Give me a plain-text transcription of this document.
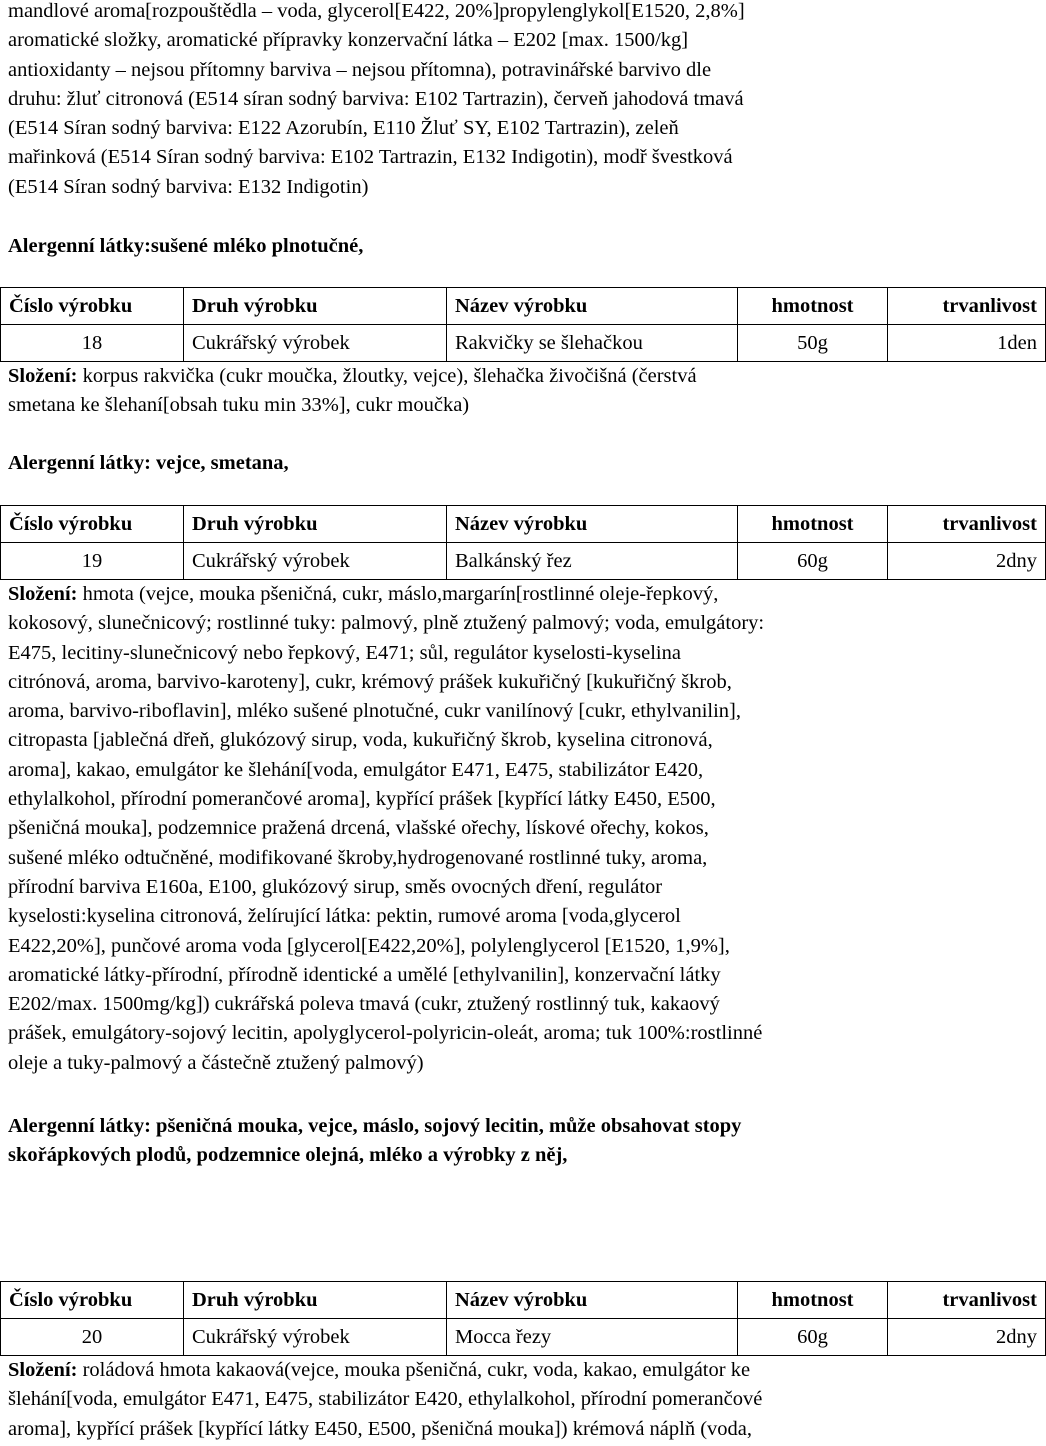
mandlové aroma[rozpouštědla – voda, glycerol[E422, 20%]propylenglykol[E1520, 2,8%]

aromatické složky, aromatické přípravky konzervační látka – E202 [max. 1500/kg]

antioxidanty – nejsou přítomny barviva – nejsou přítomna), potravinářské barvivo dle

druhu: žluť citronová (E514 síran sodný barviva: E102 Tartrazin), červeň jahodová tmavá

(E514 Síran sodný barviva: E122 Azorubín, E110 Žluť SY, E102 Tartrazin), zeleň

mařinková (E514 Síran sodný barviva: E102 Tartrazin, E132 Indigotin), modř švestková

(E514 Síran sodný barviva: E132 Indigotin)

Alergenní látky:sušené mléko plnotučné,

Číslo výrobku	Druh výrobku	Název výrobku	hmotnost	trvanlivost
18	Cukrářský výrobek	Rakvičky se šlehačkou	50g	1den

Složení: korpus rakvička (cukr moučka, žloutky, vejce), šlehačka živočišná (čerstvá

smetana ke šlehaní[obsah tuku min 33%], cukr moučka)

Alergenní látky: vejce, smetana,

Číslo výrobku	Druh výrobku	Název výrobku	hmotnost	trvanlivost
19	Cukrářský výrobek	Balkánský řez	60g	2dny

Složení: hmota (vejce, mouka pšeničná, cukr, máslo,margarín[rostlinné oleje-řepkový,

kokosový, slunečnicový; rostlinné tuky: palmový, plně ztužený palmový; voda, emulgátory:

E475, lecitiny-slunečnicový nebo řepkový, E471; sůl, regulátor kyselosti-kyselina

citrónová, aroma, barvivo-karoteny], cukr, krémový prášek kukuřičný [kukuřičný škrob,

aroma, barvivo-riboflavin], mléko sušené plnotučné, cukr vanilínový [cukr, ethylvanilin],

citropasta [jablečná dřeň, glukózový sirup, voda, kukuřičný škrob, kyselina citronová,

aroma], kakao, emulgátor ke šlehání[voda, emulgátor E471, E475, stabilizátor E420,

ethylalkohol, přírodní pomerančové aroma], kypřící prášek [kypřící látky E450, E500,

pšeničná mouka], podzemnice pražená drcená, vlašské ořechy, lískové ořechy, kokos,

sušené mléko odtučněné, modifikované škroby,hydrogenované rostlinné tuky, aroma,

přírodní barviva E160a, E100, glukózový sirup, směs ovocných dření, regulátor

kyselosti:kyselina citronová, želírující látka: pektin, rumové aroma [voda,glycerol

E422,20%], punčové aroma voda [glycerol[E422,20%], polylenglycerol [E1520, 1,9%],

aromatické látky-přírodní, přírodně identické a umělé [ethylvanilin], konzervační látky

E202/max. 1500mg/kg]) cukrářská poleva tmavá (cukr, ztužený rostlinný tuk, kakaový

prášek, emulgátory-sojový lecitin, apolyglycerol-polyricin-oleát, aroma; tuk 100%:rostlinné

oleje a tuky-palmový a částečně ztužený palmový)

Alergenní látky: pšeničná mouka, vejce, máslo, sojový lecitin, může obsahovat stopy

skořápkových plodů, podzemnice olejná, mléko a výrobky z něj,

Číslo výrobku	Druh výrobku	Název výrobku	hmotnost	trvanlivost
20	Cukrářský výrobek	Mocca řezy	60g	2dny

Složení: roládová hmota kakaová(vejce, mouka pšeničná, cukr, voda, kakao, emulgátor ke

šlehání[voda, emulgátor E471, E475, stabilizátor E420, ethylalkohol, přírodní pomerančové

aroma], kypřící prášek [kypřící látky E450, E500, pšeničná mouka]) krémová náplň (voda,
